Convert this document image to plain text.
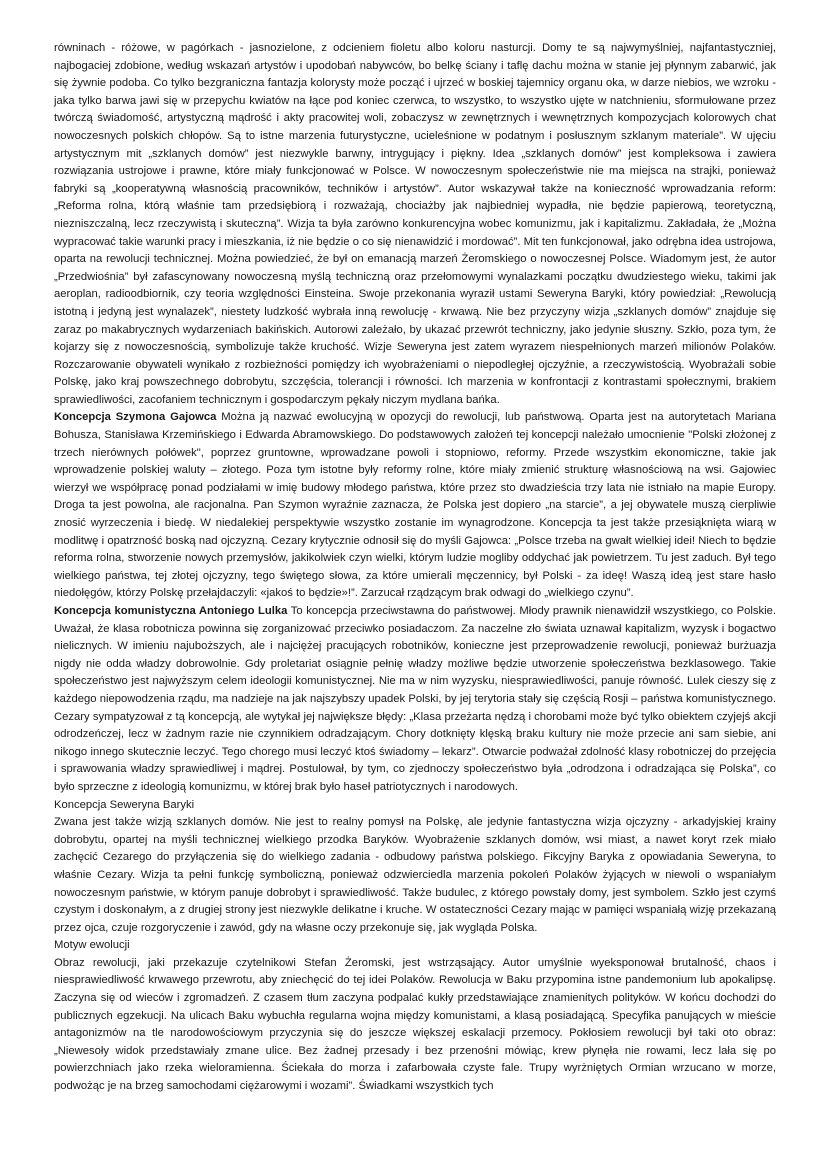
równinach - różowe, w pagórkach - jasnozielone, z odcieniem fioletu albo koloru nasturcji. Domy te są najwymyślniej, najfantastyczniej, najbogaciej zdobione, według wskazań artystów i upodobań nabywców, bo belkę ściany i taflę dachu można w stanie jej płynnym zabarwić, jak się żywnie podoba. Co tylko bezgraniczna fantazja kolorysty może począć i ujrzeć w boskiej tajemnicy organu oka, w darze niebios, we wzroku - jaka tylko barwa jawi się w przepychu kwiatów na łące pod koniec czerwca, to wszystko, to wszystko ujęte w natchnieniu, sformułowane przez twórczą świadomość, artystyczną mądrość i akty pracowitej woli, zobaczysz w zewnętrznych i wewnętrznych kompozycjach kolorowych chat nowoczesnych polskich chłopów. Są to istne marzenia futurystyczne, ucieleśnione w podatnym i posłusznym szklanym materiale”. W ujęciu artystycznym mit „szklanych domów” jest niezwykle barwny, intrygujący i piękny. Idea „szklanych domów” jest kompleksowa i zawiera rozwiązania ustrojowe i prawne, które miały funkcjonować w Polsce. W nowoczesnym społeczeństwie nie ma miejsca na strajki, ponieważ fabryki są „kooperatywną własnością pracowników, techników i artystów”. Autor wskazywał także na konieczność wprowadzania reform: „Reforma rolna, którą właśnie tam przedsiębiorą i rozważają, chociażby jak najbiedniej wypadła, nie będzie papierową, teoretyczną, niezniszczalną, lecz rzeczywistą i skuteczną”. Wizja ta była zarówno konkurencyjna wobec komunizmu, jak i kapitalizmu. Zakładała, że „Można wypracować takie warunki pracy i mieszkania, iż nie będzie o co się nienawidzić i mordować”. Mit ten funkcjonował, jako odrębna idea ustrojowa, oparta na rewolucji technicznej. Można powiedzieć, że był on emanacją marzeń Żeromskiego o nowoczesnej Polsce. Wiadomym jest, że autor „Przedwiośnia” był zafascynowany nowoczesną myślą techniczną oraz przełomowymi wynalazkami początku dwudziestego wieku, takimi jak aeroplan, radioodbiornik, czy teoria względności Einsteina. Swoje przekonania wyraził ustami Seweryna Baryki, który powiedział: „Rewolucją istotną i jedyną jest wynalazek”, niestety ludzkość wybrała inną rewolucję - krwawą. Nie bez przyczyny wizja „szklanych domów” znajduje się zaraz po makabrycznych wydarzeniach bakińskich. Autorowi zależało, by ukazać przewrót techniczny, jako jedynie słuszny. Szkło, poza tym, że kojarzy się z nowoczesnością, symbolizuje także kruchość. Wizje Seweryna jest zatem wyrazem niespełnionych marzeń milionów Polaków. Rozczarowanie obywateli wynikało z rozbieżności pomiędzy ich wyobrażeniami o niepodległej ojczyźnie, a rzeczywistością. Wyobrażali sobie Polskę, jako kraj powszechnego dobrobytu, szczęścia, tolerancji i równości. Ich marzenia w konfrontacji z kontrastami społecznymi, brakiem sprawiedliwości, zacofaniem technicznym i gospodarczym pękały niczym mydlana bańka.

Koncepcja Szymona Gajowca Można ją nazwać ewolucyjną w opozycji do rewolucji, lub państwową. Oparta jest na autorytetach Mariana Bohusza, Stanisława Krzemińskiego i Edwarda Abramowskiego. Do podstawowych założeń tej koncepcji należało umocnienie "Polski złożonej z trzech nierównych połówek", poprzez gruntowne, wprowadzane powoli i stopniowo, reformy. Przede wszystkim ekonomiczne, takie jak wprowadzenie polskiej waluty – złotego. Poza tym istotne były reformy rolne, które miały zmienić strukturę własnościową na wsi. Gajowiec wierzył we współpracę ponad podziałami w imię budowy młodego państwa, które przez sto dwadzieścia trzy lata nie istniało na mapie Europy. Droga ta jest powolna, ale racjonalna. Pan Szymon wyraźnie zaznacza, że Polska jest dopiero „na starcie”, a jej obywatele muszą cierpliwie znosić wyrzeczenia i biedę. W niedalekiej perspektywie wszystko zostanie im wynagrodzone. Koncepcja ta jest także przesiąknięta wiarą w modlitwę i opatrzność boską nad ojczyzną. Cezary krytycznie odnosił się do myśli Gajowca: „Polsce trzeba na gwałt wielkiej idei! Niech to będzie reforma rolna, stworzenie nowych przemysłów, jakikolwiek czyn wielki, którym ludzie mogliby oddychać jak powietrzem. Tu jest zaduch. Był tego wielkiego państwa, tej złotej ojczyzny, tego świętego słowa, za które umierali męczennicy, był Polski - za ideę! Waszą ideą jest stare hasło niedołęgów, którzy Polskę przełajdaczyli: «jakoś to będzie»!”. Zarzucał rządzącym brak odwagi do „wielkiego czynu”.

Koncepcja komunistyczna Antoniego Lulka To koncepcja przeciwstawna do państwowej. Młody prawnik nienawidził wszystkiego, co Polskie. Uważał, że klasa robotnicza powinna się zorganizować przeciwko posiadaczom. Za naczelne zło świata uznawał kapitalizm, wyzysk i bogactwo nielicznych. W imieniu najuboższych, ale i najciężej pracujących robotników, konieczne jest przeprowadzenie rewolucji, ponieważ burżuazja nigdy nie odda władzy dobrowolnie. Gdy proletariat osiągnie pełnię władzy możliwe będzie utworzenie społeczeństwa bezklasowego. Takie społeczeństwo jest najwyższym celem ideologii komunistycznej. Nie ma w nim wyzysku, niesprawiedliwości, panuje równość. Lulek cieszy się z każdego niepowodzenia rządu, ma nadzieje na jak najszybszy upadek Polski, by jej terytoria stały się częścią Rosji – państwa komunistycznego. Cezary sympatyzował z tą koncepcją, ale wytykał jej największe błędy: „Klasa przeżarta nędzą i chorobami może być tylko obiektem czyjejś akcji odrodzeńczej, lecz w żadnym razie nie czynnikiem odradzającym. Chory dotknięty klęską braku kultury nie może przecie ani sam siebie, ani nikogo innego skutecznie leczyć. Tego chorego musi leczyć ktoś świadomy – lekarz”. Otwarcie podważał zdolność klasy robotniczej do przejęcia i sprawowania władzy sprawiedliwej i mądrej. Postulował, by tym, co zjednoczy społeczeństwo była „odrodzona i odradzająca się Polska”, co było sprzeczne z ideologią komunizmu, w której brak było haseł patriotycznych i narodowych.

Koncepcja Seweryna Baryki

Zwana jest także wizją szklanych domów. Nie jest to realny pomysł na Polskę, ale jedynie fantastyczna wizja ojczyzny - arkadyjskiej krainy dobrobytu, opartej na myśli technicznej wielkiego przodka Baryków. Wyobrażenie szklanych domów, wsi miast, a nawet koryt rzek miało zachęcić Cezarego do przyłączenia się do wielkiego zadania - odbudowy państwa polskiego. Fikcyjny Baryka z opowiadania Seweryna, to właśnie Cezary. Wizja ta pełni funkcję symboliczną, ponieważ odzwierciedla marzenia pokoleń Polaków żyjących w niewoli o wspaniałym nowoczesnym państwie, w którym panuje dobrobyt i sprawiedliwość. Także budulec, z którego powstały domy, jest symbolem. Szkło jest czymś czystym i doskonałym, a z drugiej strony jest niezwykle delikatne i kruche. W ostateczności Cezary mając w pamięci wspaniałą wizję przekazaną przez ojca, czuje rozgoryczenie i zawód, gdy na własne oczy przekonuje się, jak wygląda Polska.

Motyw ewolucji

Obraz rewolucji, jaki przekazuje czytelnikowi Stefan Żeromski, jest wstrząsający. Autor umyślnie wyeksponował brutalność, chaos i niesprawiedliwość krwawego przewrotu, aby zniechęcić do tej idei Polaków. Rewolucja w Baku przypomina istne pandemonium lub apokalipsę. Zaczyna się od wieców i zgromadzeń. Z czasem tłum zaczyna podpalać kukły przedstawiające znamienitych polityków. W końcu dochodzi do publicznych egzekucji. Na ulicach Baku wybuchła regularna wojna między komunistami, a klasą posiadającą. Specyfika panujących w mieście antagonizmów na tle narodowościowym przyczynia się do jeszcze większej eskalacji przemocy. Pokłosiem rewolucji był taki oto obraz: „Niewesoły widok przedstawiały zmane ulice. Bez żadnej przesady i bez przenośni mówiąc, krew płynęła nie rowami, lecz lała się po powierzchniach jako rzeka wieloramienna. Ściekała do morza i zafarbowała czyste fale. Trupy wyrżniętych Ormian wrzucano w morze, podwożąc je na brzeg samochodami ciężarowymi i wozami”. Świadkami wszystkich tych
